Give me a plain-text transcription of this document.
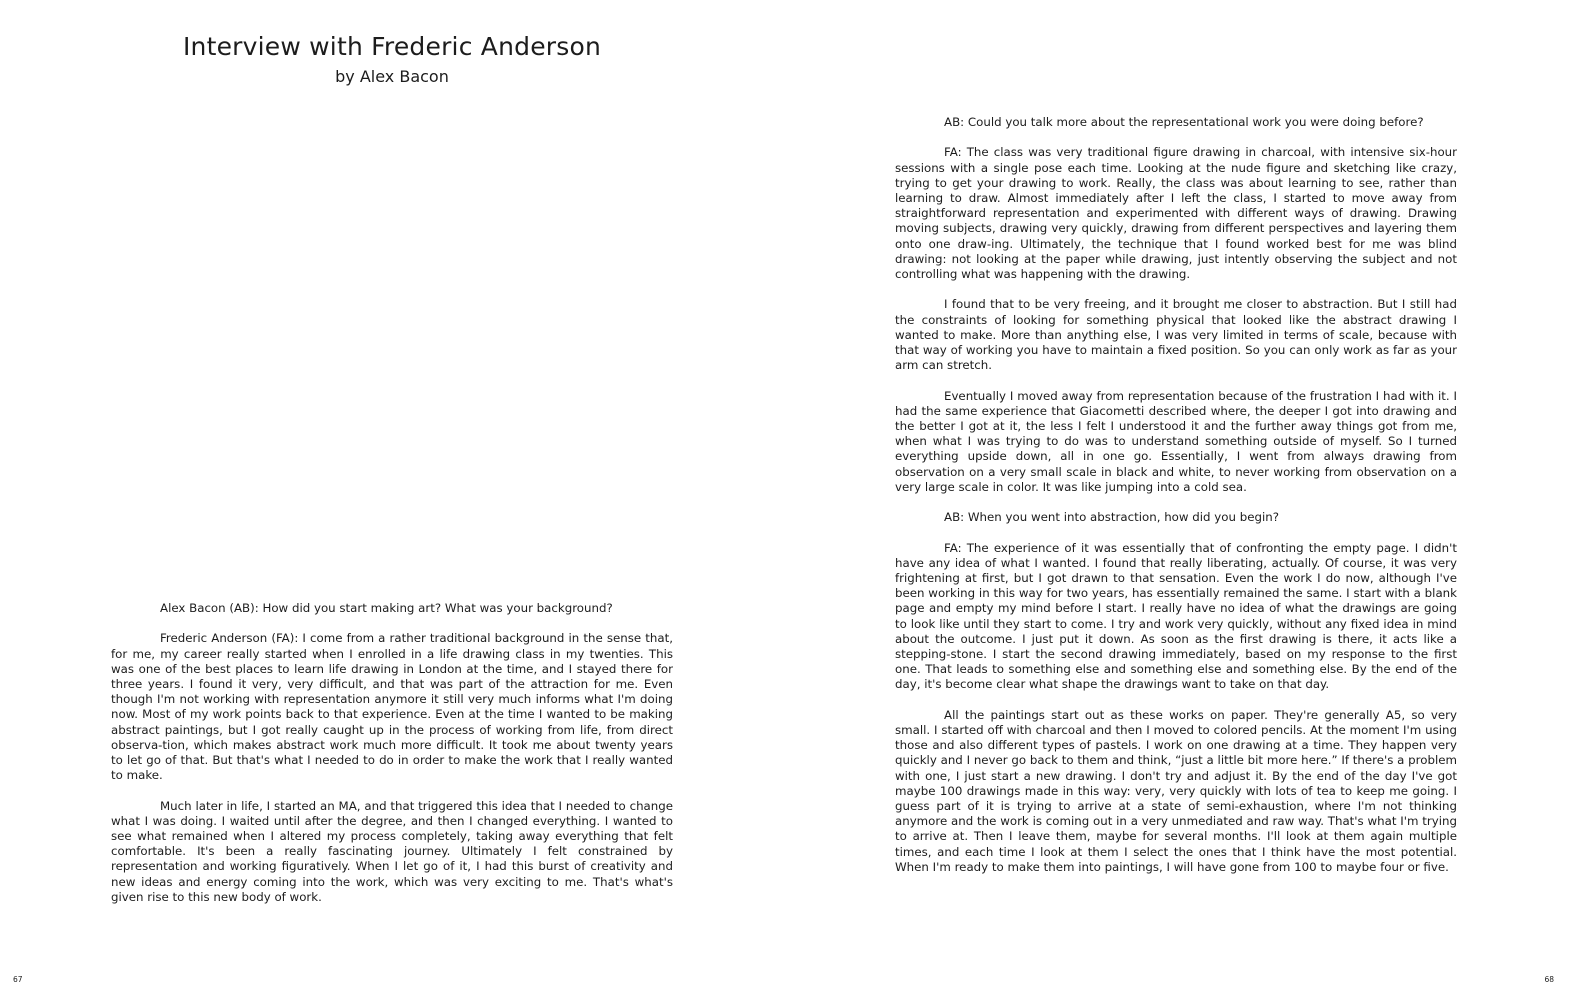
Interview with Frederic Anderson

by Alex Bacon

Alex Bacon (AB): How did you start making art? What was your background?

Frederic Anderson (FA): I come from a rather traditional background in the sense that, for me, my career really started when I enrolled in a life drawing class in my twenties. This was one of the best places to learn life drawing in London at the time, and I stayed there for three years. I found it very, very difficult, and that was part of the attraction for me. Even though I'm not working with representation anymore it still very much informs what I'm doing now. Most of my work points back to that experience. Even at the time I wanted to be making abstract paintings, but I got really caught up in the process of working from life, from direct observa-tion, which makes abstract work much more difficult. It took me about twenty years to let go of that. But that's what I needed to do in order to make the work that I really wanted to make.

Much later in life, I started an MA, and that triggered this idea that I needed to change what I was doing. I waited until after the degree, and then I changed everything. I wanted to see what remained when I altered my process completely, taking away everything that felt comfortable. It's been a really fascinating journey. Ultimately I felt constrained by representation and working figuratively. When I let go of it, I had this burst of creativity and new ideas and energy coming into the work, which was very exciting to me. That's what's given rise to this new body of work.

67

AB: Could you talk more about the representational work you were doing before?

FA: The class was very traditional figure drawing in charcoal, with intensive six-hour sessions with a single pose each time. Looking at the nude figure and sketching like crazy, trying to get your drawing to work. Really, the class was about learning to see, rather than learning to draw. Almost immediately after I left the class, I started to move away from straightforward representation and experimented with different ways of drawing. Drawing moving subjects, drawing very quickly, drawing from different perspectives and layering them onto one draw-ing. Ultimately, the technique that I found worked best for me was blind drawing: not looking at the paper while drawing, just intently observing the subject and not controlling what was happening with the drawing.

I found that to be very freeing, and it brought me closer to abstraction. But I still had the constraints of looking for something physical that looked like the abstract drawing I wanted to make. More than anything else, I was very limited in terms of scale, because with that way of working you have to maintain a fixed position. So you can only work as far as your arm can stretch.

Eventually I moved away from representation because of the frustration I had with it. I had the same experience that Giacometti described where, the deeper I got into drawing and the better I got at it, the less I felt I understood it and the further away things got from me, when what I was trying to do was to understand something outside of myself. So I turned everything upside down, all in one go. Essentially, I went from always drawing from observation on a very small scale in black and white, to never working from observation on a very large scale in color. It was like jumping into a cold sea.

AB: When you went into abstraction, how did you begin?

FA: The experience of it was essentially that of confronting the empty page. I didn't have any idea of what I wanted. I found that really liberating, actually. Of course, it was very frightening at first, but I got drawn to that sensation. Even the work I do now, although I've been working in this way for two years, has essentially remained the same. I start with a blank page and empty my mind before I start. I really have no idea of what the drawings are going to look like until they start to come. I try and work very quickly, without any fixed idea in mind about the outcome. I just put it down. As soon as the first drawing is there, it acts like a stepping-stone. I start the second drawing immediately, based on my response to the first one. That leads to something else and something else and something else. By the end of the day, it's become clear what shape the drawings want to take on that day.

All the paintings start out as these works on paper. They're generally A5, so very small. I started off with charcoal and then I moved to colored pencils. At the moment I'm using those and also different types of pastels. I work on one drawing at a time. They happen very quickly and I never go back to them and think, “just a little bit more here.” If there's a problem with one, I just start a new drawing. I don't try and adjust it. By the end of the day I've got maybe 100 drawings made in this way: very, very quickly with lots of tea to keep me going. I guess part of it is trying to arrive at a state of semi-exhaustion, where I'm not thinking anymore and the work is coming out in a very unmediated and raw way. That's what I'm trying to arrive at. Then I leave them, maybe for several months. I'll look at them again multiple times, and each time I look at them I select the ones that I think have the most potential. When I'm ready to make them into paintings, I will have gone from 100 to maybe four or five.

68
